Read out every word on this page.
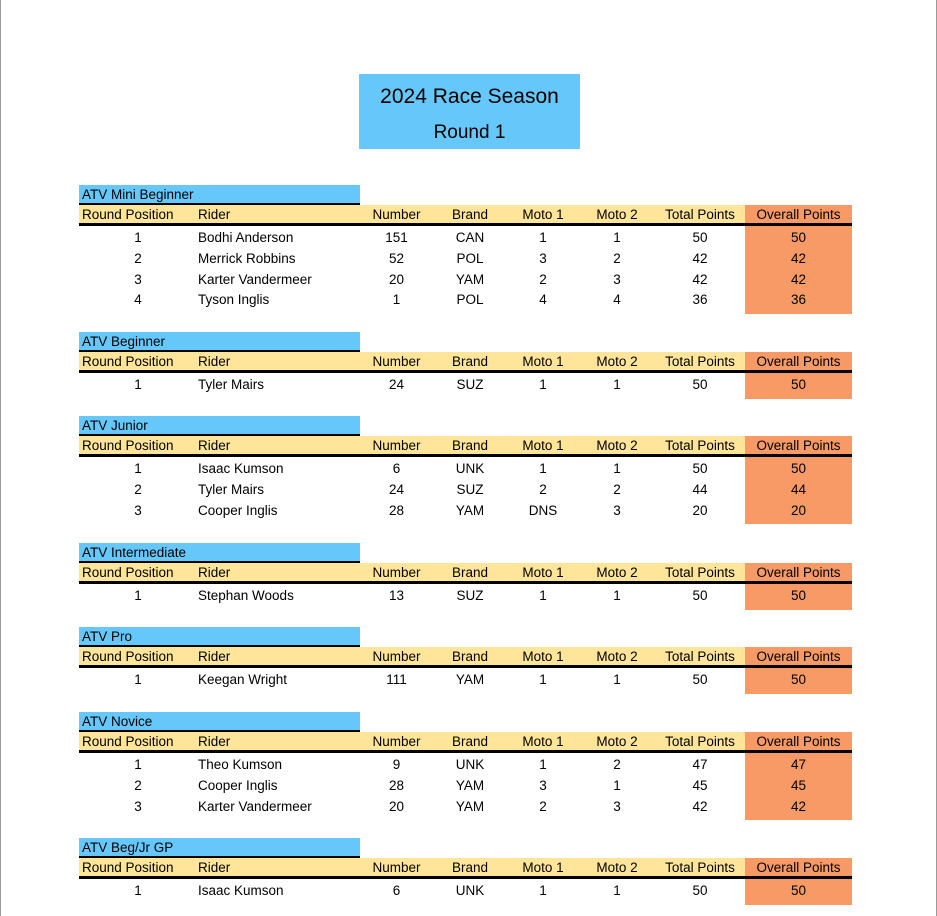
2024 Race Season
Round 1
ATV Mini Beginner
Round Position	Rider	Number	Brand	Moto 1	Moto 2	Total Points	Overall Points
1	Bodhi Anderson	151	CAN	1	1	50	50
2	Merrick Robbins	52	POL	3	2	42	42
3	Karter Vandermeer	20	YAM	2	3	42	42
4	Tyson Inglis	1	POL	4	4	36	36
ATV Beginner
Round Position	Rider	Number	Brand	Moto 1	Moto 2	Total Points	Overall Points
1	Tyler Mairs	24	SUZ	1	1	50	50
ATV Junior
Round Position	Rider	Number	Brand	Moto 1	Moto 2	Total Points	Overall Points
1	Isaac Kumson	6	UNK	1	1	50	50
2	Tyler Mairs	24	SUZ	2	2	44	44
3	Cooper Inglis	28	YAM	DNS	3	20	20
ATV Intermediate
Round Position	Rider	Number	Brand	Moto 1	Moto 2	Total Points	Overall Points
1	Stephan Woods	13	SUZ	1	1	50	50
ATV Pro
Round Position	Rider	Number	Brand	Moto 1	Moto 2	Total Points	Overall Points
1	Keegan Wright	111	YAM	1	1	50	50
ATV Novice
Round Position	Rider	Number	Brand	Moto 1	Moto 2	Total Points	Overall Points
1	Theo Kumson	9	UNK	1	2	47	47
2	Cooper Inglis	28	YAM	3	1	45	45
3	Karter Vandermeer	20	YAM	2	3	42	42
ATV Beg/Jr GP
Round Position	Rider	Number	Brand	Moto 1	Moto 2	Total Points	Overall Points
1	Isaac Kumson	6	UNK	1	1	50	50
